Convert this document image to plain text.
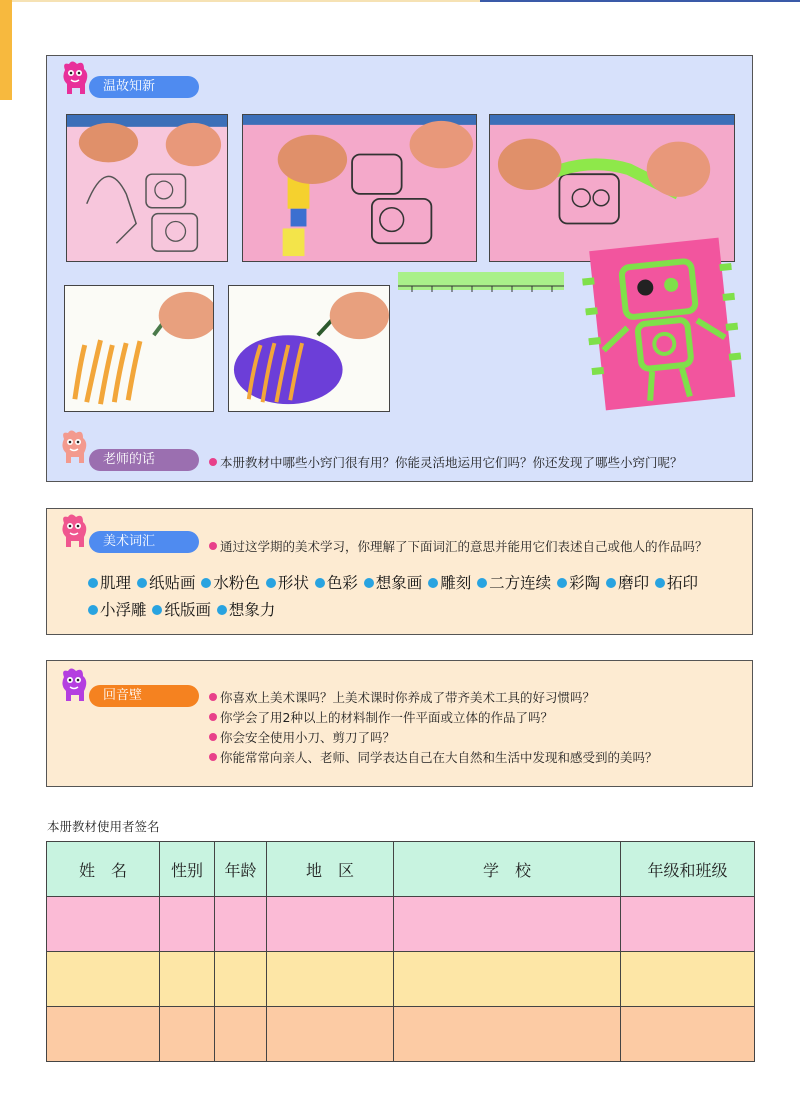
温故知新
老师的话	本册教材中哪些小窍门很有用？你能灵活地运用它们吗？你还发现了哪些小窍门呢？
美术词汇	通过这学期的美术学习，你理解了下面词汇的意思并能用它们表述自己或他人的作品吗？
肌理 纸贴画 水粉色 形状 色彩 想象画 雕刻 二方连续 彩陶 磨印 拓印
小浮雕 纸版画 想象力
回音壁	你喜欢上美术课吗？上美术课时你养成了带齐美术工具的好习惯吗？
你学会了用2种以上的材料制作一件平面或立体的作品了吗？
你会安全使用小刀、剪刀了吗？
你能常常向亲人、老师、同学表达自己在大自然和生活中发现和感受到的美吗？
本册教材使用者签名
姓　名	性别	年龄	地　区	学　校	年级和班级
